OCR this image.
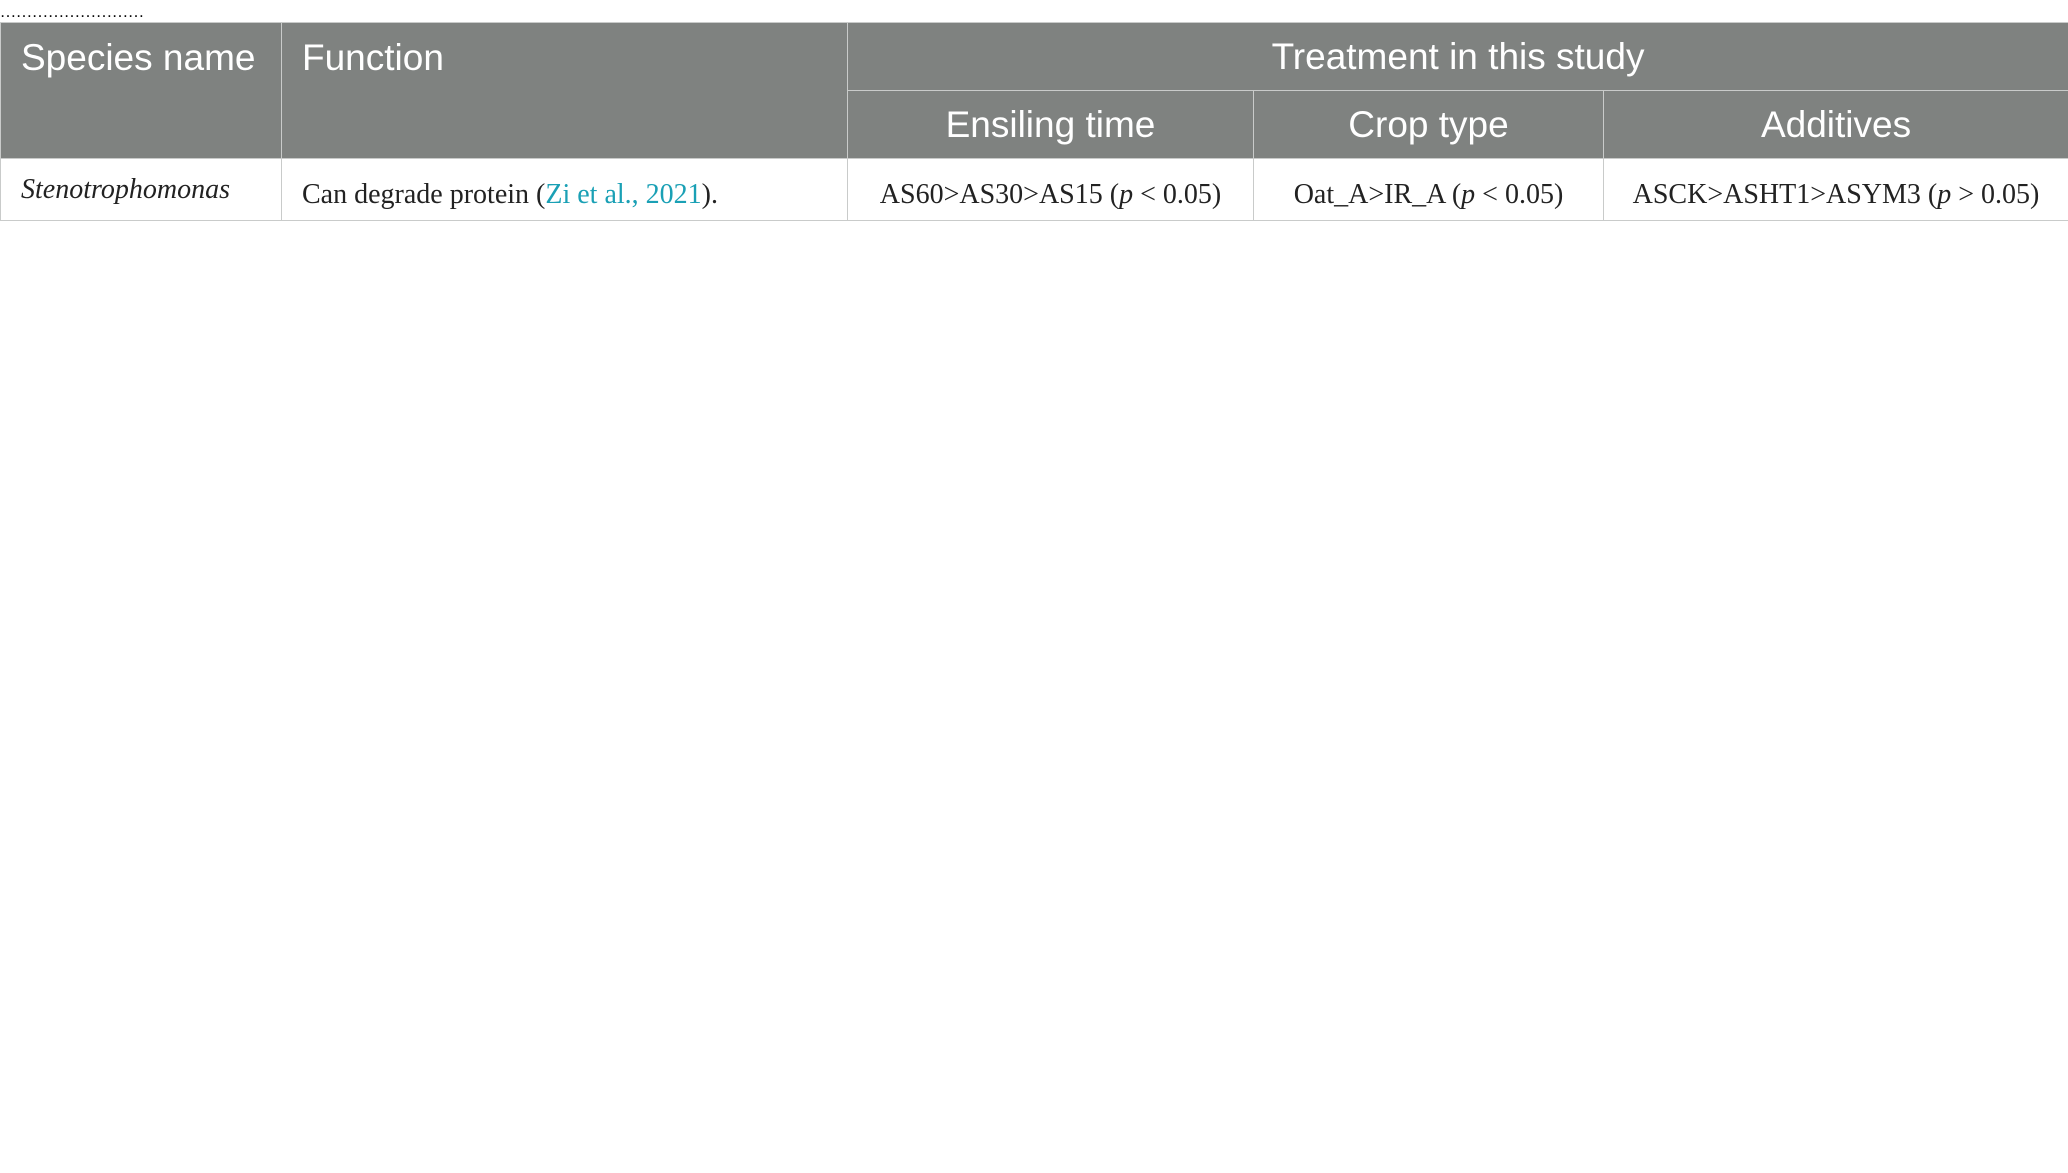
………………………
Species name	Function	Treatment in this study		
		Ensiling time	Crop type	Additives
Stenotrophomonas	Can degrade protein (Zi et al., 2021).	AS60>AS30>AS15 (p < 0.05)	Oat_A>IR_A (p < 0.05)	ASCK>ASHT1>ASYM3 (p > 0.05)
